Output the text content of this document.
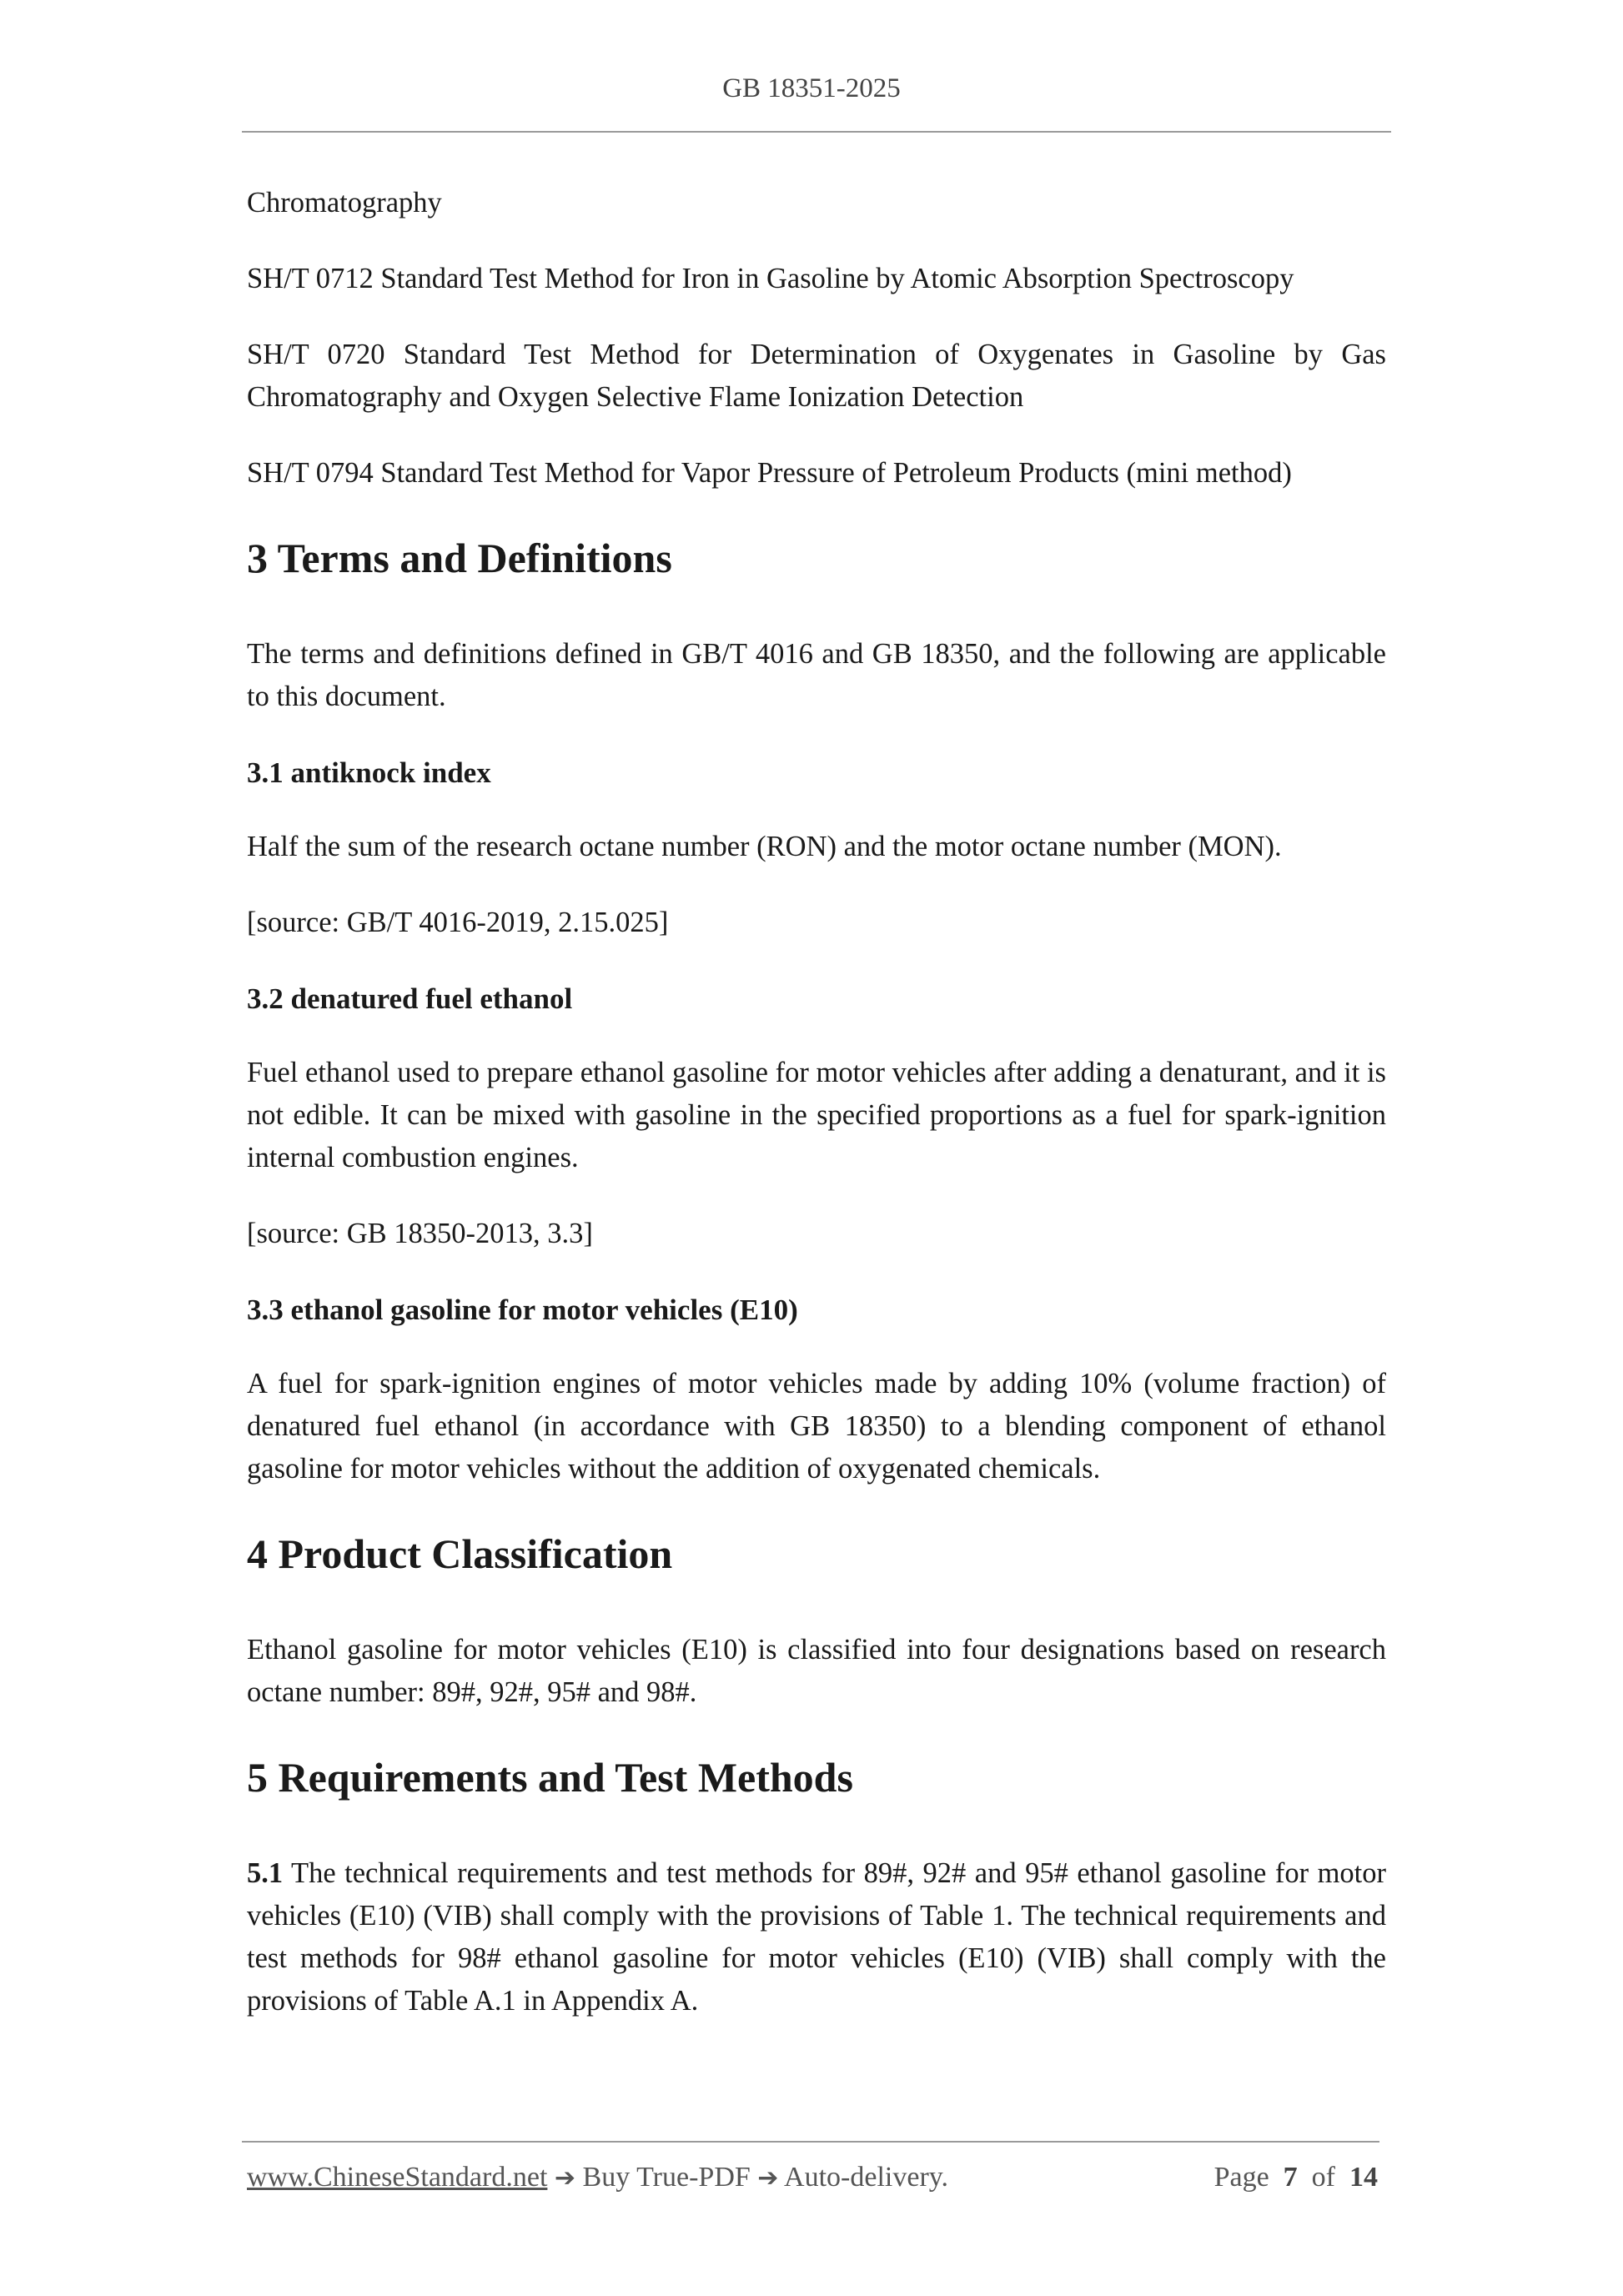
GB 18351-2025

Chromatography

SH/T 0712 Standard Test Method for Iron in Gasoline by Atomic Absorption Spectroscopy

SH/T 0720 Standard Test Method for Determination of Oxygenates in Gasoline by Gas Chromatography and Oxygen Selective Flame Ionization Detection

SH/T 0794 Standard Test Method for Vapor Pressure of Petroleum Products (mini method)

3 Terms and Definitions

The terms and definitions defined in GB/T 4016 and GB 18350, and the following are applicable to this document.

3.1 antiknock index

Half the sum of the research octane number (RON) and the motor octane number (MON).

[source: GB/T 4016-2019, 2.15.025]

3.2 denatured fuel ethanol

Fuel ethanol used to prepare ethanol gasoline for motor vehicles after adding a denaturant, and it is not edible. It can be mixed with gasoline in the specified proportions as a fuel for spark-ignition internal combustion engines.

[source: GB 18350-2013, 3.3]

3.3 ethanol gasoline for motor vehicles (E10)

A fuel for spark-ignition engines of motor vehicles made by adding 10% (volume fraction) of denatured fuel ethanol (in accordance with GB 18350) to a blending component of ethanol gasoline for motor vehicles without the addition of oxygenated chemicals.

4 Product Classification

Ethanol gasoline for motor vehicles (E10) is classified into four designations based on research octane number: 89#, 92#, 95# and 98#.

5 Requirements and Test Methods

5.1 The technical requirements and test methods for 89#, 92# and 95# ethanol gasoline for motor vehicles (E10) (VIB) shall comply with the provisions of Table 1. The technical requirements and test methods for 98# ethanol gasoline for motor vehicles (E10) (VIB) shall comply with the provisions of Table A.1 in Appendix A.

www.ChineseStandard.net ➔ Buy True-PDF ➔ Auto-delivery.	Page 7 of 14
